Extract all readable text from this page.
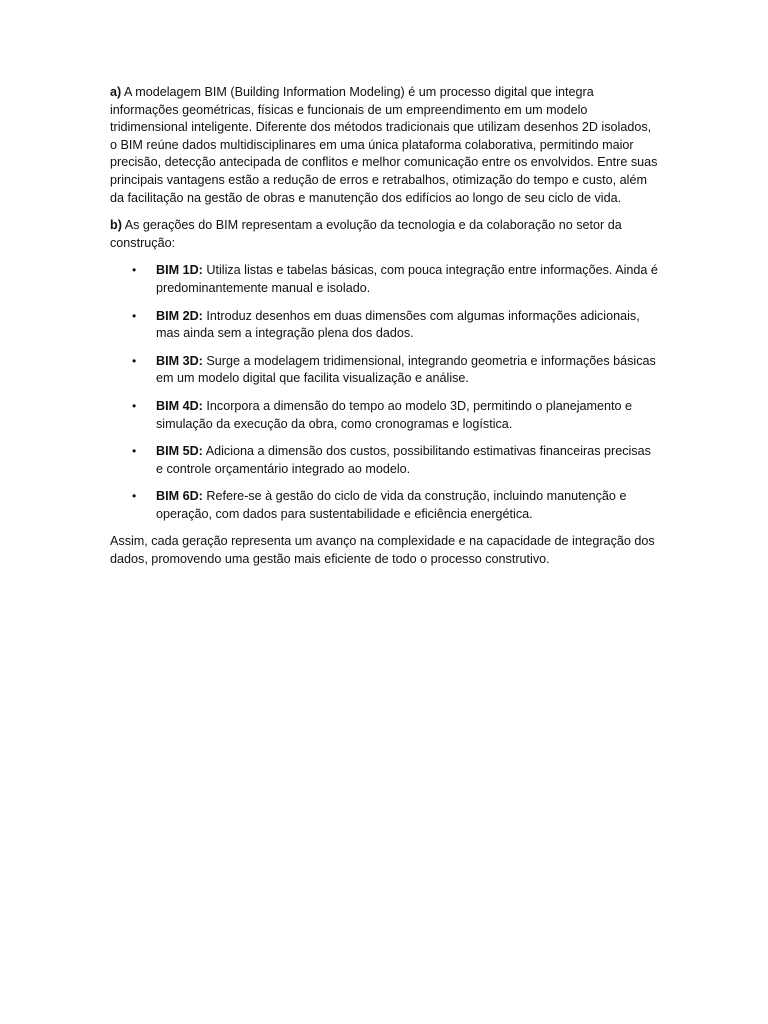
a) A modelagem BIM (Building Information Modeling) é um processo digital que integra informações geométricas, físicas e funcionais de um empreendimento em um modelo tridimensional inteligente. Diferente dos métodos tradicionais que utilizam desenhos 2D isolados, o BIM reúne dados multidisciplinares em uma única plataforma colaborativa, permitindo maior precisão, detecção antecipada de conflitos e melhor comunicação entre os envolvidos. Entre suas principais vantagens estão a redução de erros e retrabalhos, otimização do tempo e custo, além da facilitação na gestão de obras e manutenção dos edifícios ao longo de seu ciclo de vida.

b) As gerações do BIM representam a evolução da tecnologia e da colaboração no setor da construção:

• BIM 1D: Utiliza listas e tabelas básicas, com pouca integração entre informações. Ainda é predominantemente manual e isolado.
• BIM 2D: Introduz desenhos em duas dimensões com algumas informações adicionais, mas ainda sem a integração plena dos dados.
• BIM 3D: Surge a modelagem tridimensional, integrando geometria e informações básicas em um modelo digital que facilita visualização e análise.
• BIM 4D: Incorpora a dimensão do tempo ao modelo 3D, permitindo o planejamento e simulação da execução da obra, como cronogramas e logística.
• BIM 5D: Adiciona a dimensão dos custos, possibilitando estimativas financeiras precisas e controle orçamentário integrado ao modelo.
• BIM 6D: Refere-se à gestão do ciclo de vida da construção, incluindo manutenção e operação, com dados para sustentabilidade e eficiência energética.

Assim, cada geração representa um avanço na complexidade e na capacidade de integração dos dados, promovendo uma gestão mais eficiente de todo o processo construtivo.
